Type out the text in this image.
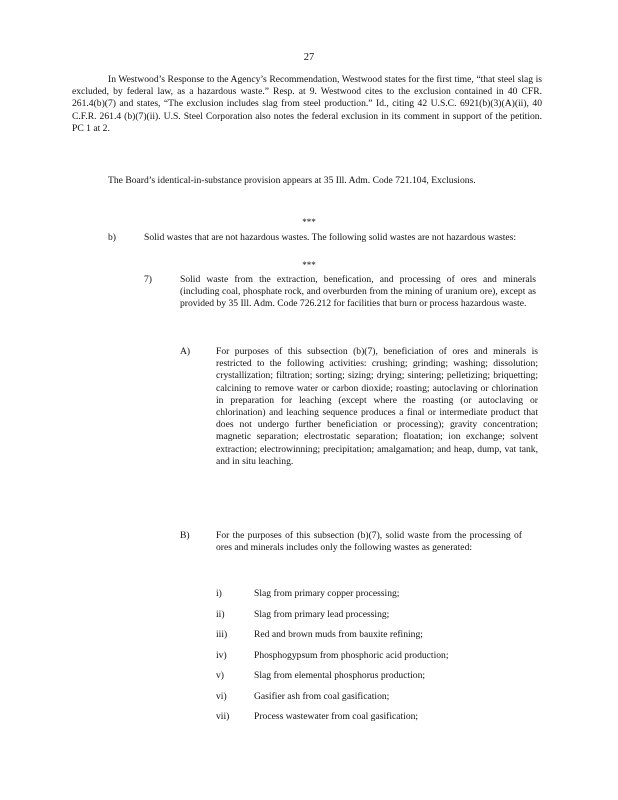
27

In Westwood’s Response to the Agency’s Recommendation, Westwood states for the first time, “that steel slag is excluded, by federal law, as a hazardous waste.” Resp. at 9. Westwood cites to the exclusion contained in 40 CFR. 261.4(b)(7) and states, “The exclusion includes slag from steel production.” Id., citing 42 U.S.C. 6921(b)(3)(A)(ii), 40 C.F.R. 261.4 (b)(7)(ii). U.S. Steel Corporation also notes the federal exclusion in its comment in support of the petition. PC 1 at 2.

The Board’s identical-in-substance provision appears at 35 Ill. Adm. Code 721.104, Exclusions.

***
b)	Solid wastes that are not hazardous wastes. The following solid wastes are not hazardous wastes:
***
7)	Solid waste from the extraction, benefication, and processing of ores and minerals (including coal, phosphate rock, and overburden from the mining of uranium ore), except as provided by 35 Ill. Adm. Code 726.212 for facilities that burn or process hazardous waste.
A)	For purposes of this subsection (b)(7), beneficiation of ores and minerals is restricted to the following activities: crushing; grinding; washing; dissolution; crystallization; filtration; sorting; sizing; drying; sintering; pelletizing; briquetting; calcining to remove water or carbon dioxide; roasting; autoclaving or chlorination in preparation for leaching (except where the roasting (or autoclaving or chlorination) and leaching sequence produces a final or intermediate product that does not undergo further beneficiation or processing); gravity concentration; magnetic separation; electrostatic separation; floatation; ion exchange; solvent extraction; electrowinning; precipitation; amalgamation; and heap, dump, vat tank, and in situ leaching.
B)	For the purposes of this subsection (b)(7), solid waste from the processing of ores and minerals includes only the following wastes as generated:
i)	Slag from primary copper processing;
ii)	Slag from primary lead processing;
iii)	Red and brown muds from bauxite refining;
iv)	Phosphogypsum from phosphoric acid production;
v)	Slag from elemental phosphorus production;
vi)	Gasifier ash from coal gasification;
vii)	Process wastewater from coal gasification;
